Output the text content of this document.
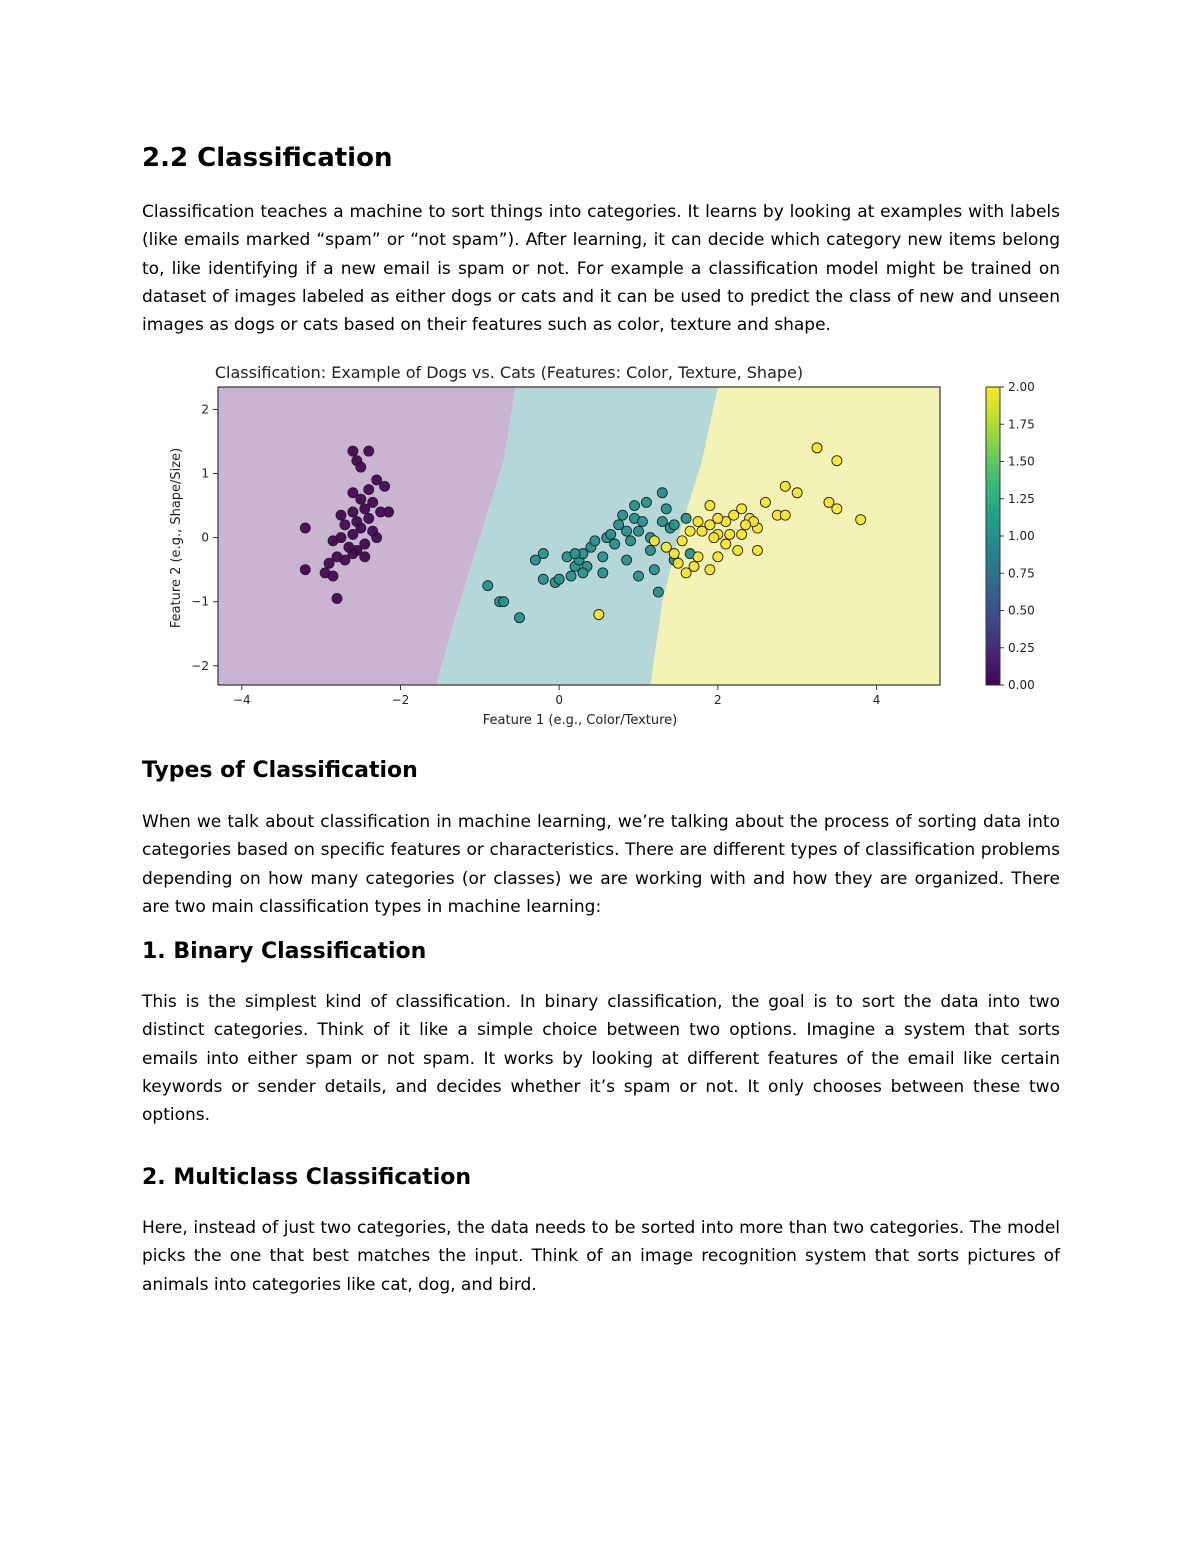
2.2 Classification

Classification teaches a machine to sort things into categories. It learns by looking at examples with labels (like emails marked “spam” or “not spam”). After learning, it can decide which category new items belong to, like identifying if a new email is spam or not. For example a classification model might be trained on dataset of images labeled as either dogs or cats and it can be used to predict the class of new and unseen images as dogs or cats based on their features such as color, texture and shape.

−4	−2	0	2	4
−2
−1
0
1
2
0.00
0.25
0.50
0.75
1.00
1.25
1.50
1.75
2.00
Classification: Example of Dogs vs. Cats (Features: Color, Texture, Shape)
Feature 1 (e.g., Color/Texture)
Feature 2 (e.g., Shape/Size)
Types of Classification

When we talk about classification in machine learning, we’re talking about the process of sorting data into categories based on specific features or characteristics. There are different types of classification problems depending on how many categories (or classes) we are working with and how they are organized. There are two main classification types in machine learning:

1. Binary Classification

This is the simplest kind of classification. In binary classification, the goal is to sort the data into two distinct categories. Think of it like a simple choice between two options. Imagine a system that sorts emails into either spam or not spam. It works by looking at different features of the email like certain keywords or sender details, and decides whether it’s spam or not. It only chooses between these two options.

2. Multiclass Classification

Here, instead of just two categories, the data needs to be sorted into more than two categories. The model picks the one that best matches the input. Think of an image recognition system that sorts pictures of animals into categories like cat, dog, and bird.
